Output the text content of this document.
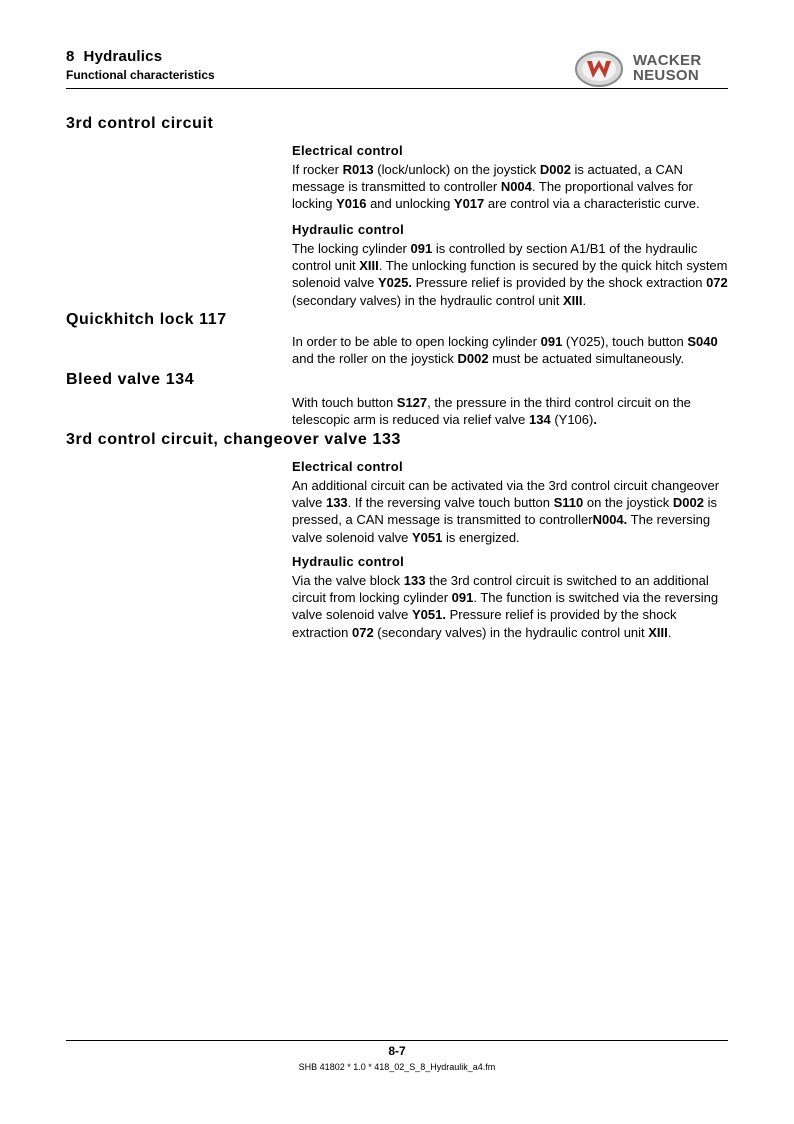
8 Hydraulics
Functional characteristics
WACKER
NEUSON
3rd control circuit
Electrical control
If rocker R013 (lock/unlock) on the joystick D002 is actuated, a CAN message is transmitted to controller N004. The proportional valves for locking Y016 and unlocking Y017 are control via a characteristic curve.
Hydraulic control
The locking cylinder 091 is controlled by section A1/B1 of the hydraulic control unit XIII. The unlocking function is secured by the quick hitch system solenoid valve Y025. Pressure relief is provided by the shock extraction 072 (secondary valves) in the hydraulic control unit XIII.
Quickhitch lock 117
In order to be able to open locking cylinder 091 (Y025), touch button S040 and the roller on the joystick D002 must be actuated simultaneously.
Bleed valve 134
With touch button S127, the pressure in the third control circuit on the telescopic arm is reduced via relief valve 134 (Y106).
3rd control circuit, changeover valve 133
Electrical control
An additional circuit can be activated via the 3rd control circuit changeover valve 133. If the reversing valve touch button S110 on the joystick D002 is pressed, a CAN message is transmitted to controllerN004. The reversing valve solenoid valve Y051 is energized.
Hydraulic control
Via the valve block 133 the 3rd control circuit is switched to an additional circuit from locking cylinder 091. The function is switched via the reversing valve solenoid valve Y051. Pressure relief is provided by the shock extraction 072 (secondary valves) in the hydraulic control unit XIII.
8-7
SHB 41802 * 1.0 * 418_02_S_8_Hydraulik_a4.fm
